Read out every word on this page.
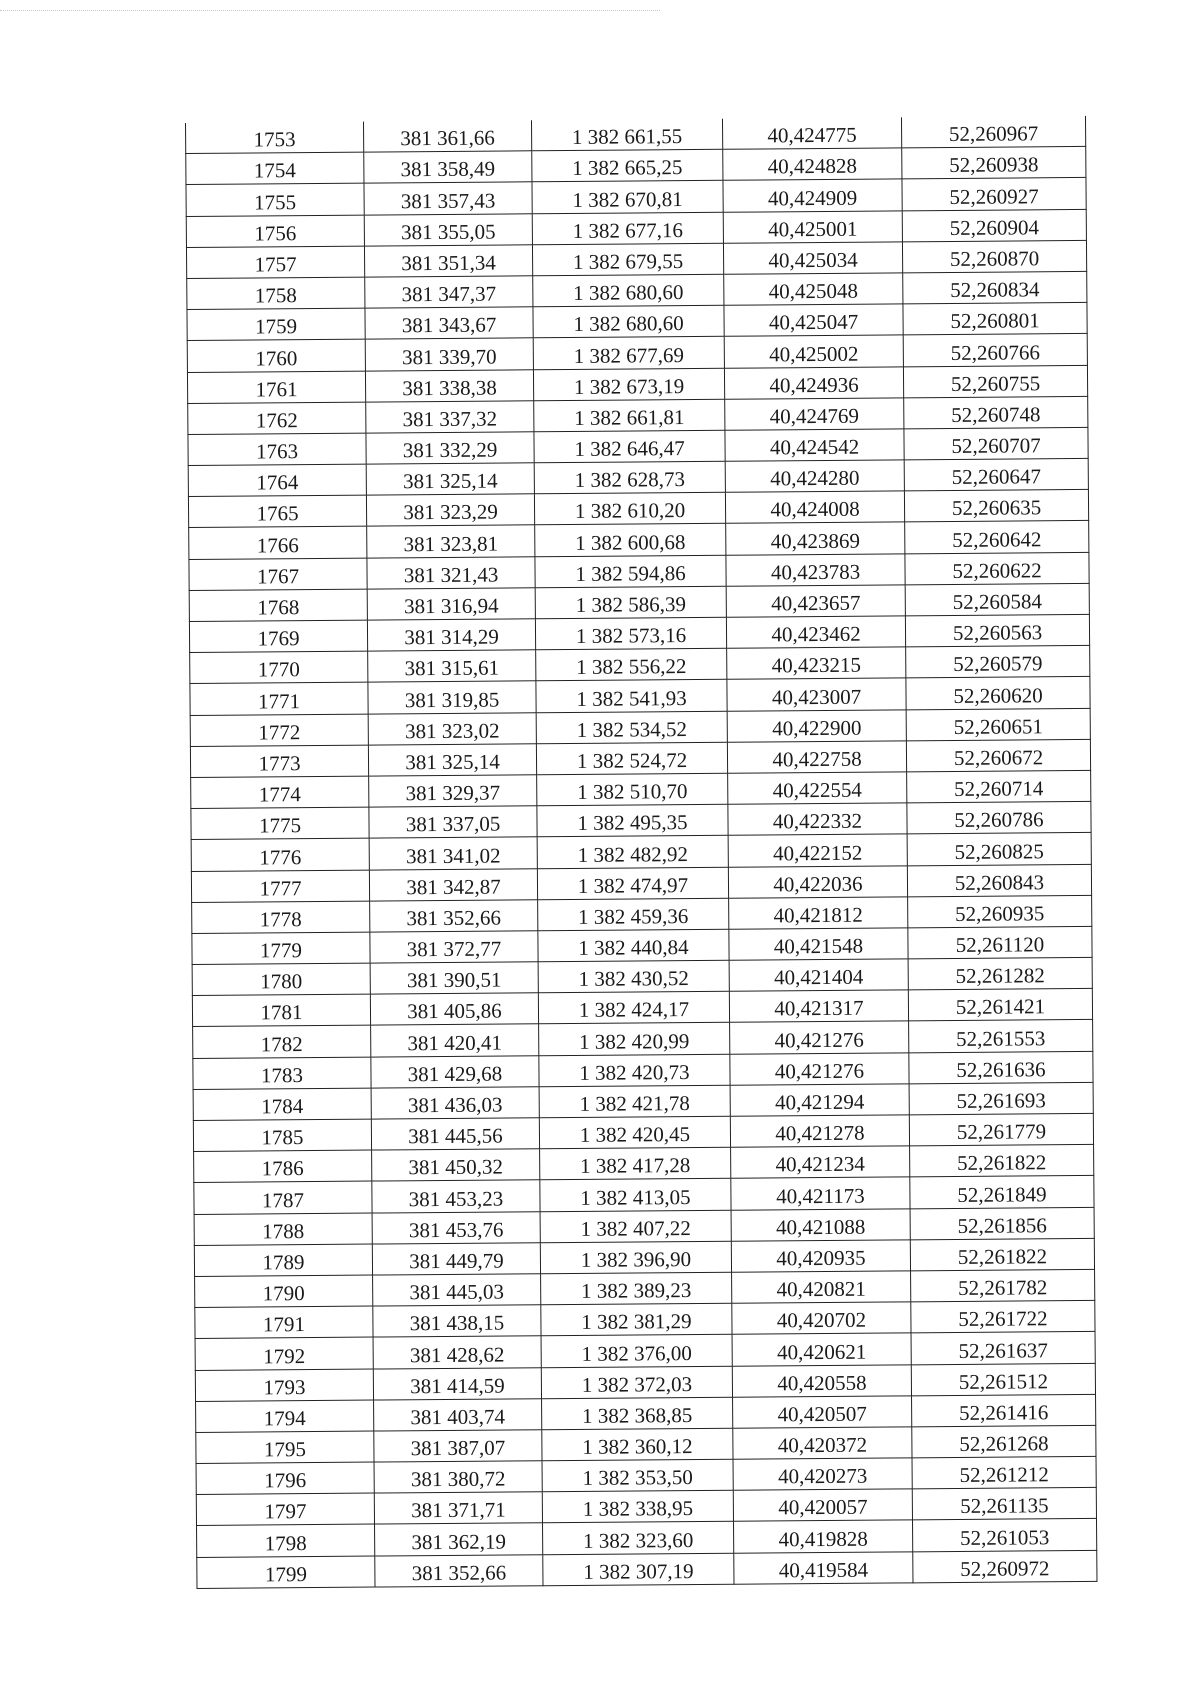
1753	381 361,66	1 382 661,55	40,424775	52,260967
1754	381 358,49	1 382 665,25	40,424828	52,260938
1755	381 357,43	1 382 670,81	40,424909	52,260927
1756	381 355,05	1 382 677,16	40,425001	52,260904
1757	381 351,34	1 382 679,55	40,425034	52,260870
1758	381 347,37	1 382 680,60	40,425048	52,260834
1759	381 343,67	1 382 680,60	40,425047	52,260801
1760	381 339,70	1 382 677,69	40,425002	52,260766
1761	381 338,38	1 382 673,19	40,424936	52,260755
1762	381 337,32	1 382 661,81	40,424769	52,260748
1763	381 332,29	1 382 646,47	40,424542	52,260707
1764	381 325,14	1 382 628,73	40,424280	52,260647
1765	381 323,29	1 382 610,20	40,424008	52,260635
1766	381 323,81	1 382 600,68	40,423869	52,260642
1767	381 321,43	1 382 594,86	40,423783	52,260622
1768	381 316,94	1 382 586,39	40,423657	52,260584
1769	381 314,29	1 382 573,16	40,423462	52,260563
1770	381 315,61	1 382 556,22	40,423215	52,260579
1771	381 319,85	1 382 541,93	40,423007	52,260620
1772	381 323,02	1 382 534,52	40,422900	52,260651
1773	381 325,14	1 382 524,72	40,422758	52,260672
1774	381 329,37	1 382 510,70	40,422554	52,260714
1775	381 337,05	1 382 495,35	40,422332	52,260786
1776	381 341,02	1 382 482,92	40,422152	52,260825
1777	381 342,87	1 382 474,97	40,422036	52,260843
1778	381 352,66	1 382 459,36	40,421812	52,260935
1779	381 372,77	1 382 440,84	40,421548	52,261120
1780	381 390,51	1 382 430,52	40,421404	52,261282
1781	381 405,86	1 382 424,17	40,421317	52,261421
1782	381 420,41	1 382 420,99	40,421276	52,261553
1783	381 429,68	1 382 420,73	40,421276	52,261636
1784	381 436,03	1 382 421,78	40,421294	52,261693
1785	381 445,56	1 382 420,45	40,421278	52,261779
1786	381 450,32	1 382 417,28	40,421234	52,261822
1787	381 453,23	1 382 413,05	40,421173	52,261849
1788	381 453,76	1 382 407,22	40,421088	52,261856
1789	381 449,79	1 382 396,90	40,420935	52,261822
1790	381 445,03	1 382 389,23	40,420821	52,261782
1791	381 438,15	1 382 381,29	40,420702	52,261722
1792	381 428,62	1 382 376,00	40,420621	52,261637
1793	381 414,59	1 382 372,03	40,420558	52,261512
1794	381 403,74	1 382 368,85	40,420507	52,261416
1795	381 387,07	1 382 360,12	40,420372	52,261268
1796	381 380,72	1 382 353,50	40,420273	52,261212
1797	381 371,71	1 382 338,95	40,420057	52,261135
1798	381 362,19	1 382 323,60	40,419828	52,261053
1799	381 352,66	1 382 307,19	40,419584	52,260972
